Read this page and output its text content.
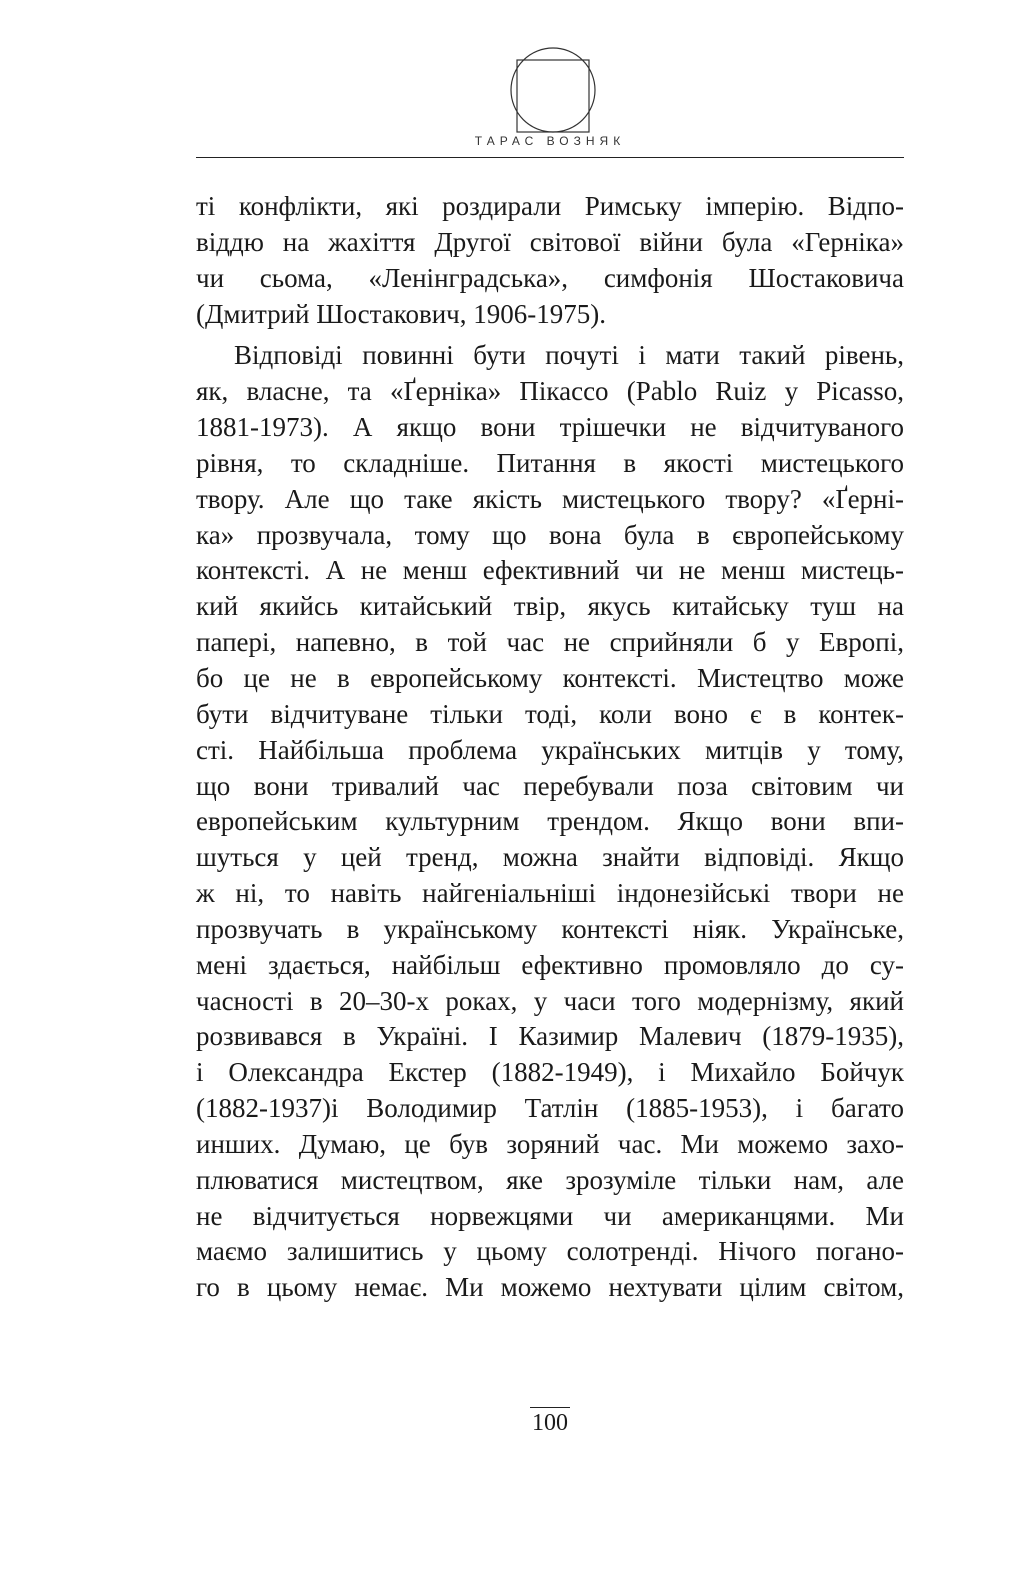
ТАРАС ВОЗНЯК
ті конфлікти, які роздирали Римську імперію. Відпо-
віддю на жахіття Другої світової війни була «Герніка»
чи сьома, «Ленінградська», симфонія Шостаковича
(Дмитрий Шостакович, 1906-1975).
Відповіді повинні бути почуті і мати такий рівень,
як, власне, та «Ґерніка» Пікассо (Pablo Ruiz y Picasso,
1881-1973). А якщо вони трішечки не відчитуваного
рівня, то складніше. Питання в якості мистецького
твору. Але що таке якість мистецького твору? «Ґерні-
ка» прозвучала, тому що вона була в європейському
контексті. А не менш ефективний чи не менш мистець-
кий якийсь китайський твір, якусь китайську туш на
папері, напевно, в той час не сприйняли б у Европі,
бо це не в европейському контексті. Мистецтво може
бути відчитуване тільки тоді, коли воно є в контек-
сті. Найбільша проблема українських митців у тому,
що вони тривалий час перебували поза світовим чи
европейським культурним трендом. Якщо вони впи-
шуться у цей тренд, можна знайти відповіді. Якщо
ж ні, то навіть найгеніальніші індонезійські твори не
прозвучать в українському контексті ніяк. Українське,
мені здається, найбільш ефективно промовляло до су-
часності в 20–30-х роках, у часи того модернізму, який
розвивався в Україні. І Казимир Малевич (1879-1935),
і Олександра Екстер (1882-1949), і Михайло Бойчук
(1882-1937)і Володимир Татлін (1885-1953), і багато
инших. Думаю, це був зоряний час. Ми можемо захо-
плюватися мистецтвом, яке зрозуміле тільки нам, але
не відчитується норвежцями чи американцями. Ми
маємо залишитись у цьому солотренді. Нічого погано-
го в цьому немає. Ми можемо нехтувати цілим світом,
100
